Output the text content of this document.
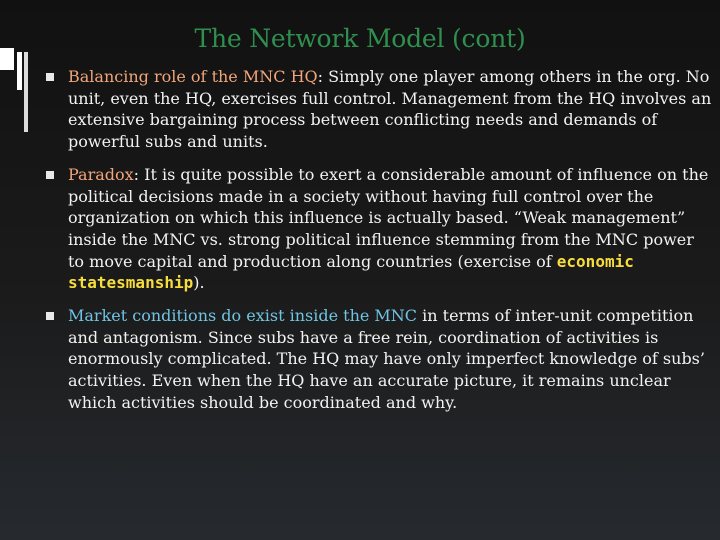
The Network Model (cont)
Balancing role of the MNC HQ: Simply one player among others in the org. No unit, even the HQ, exercises full control. Management from the HQ involves an extensive bargaining process between conflicting needs and demands of powerful subs and units.
Paradox: It is quite possible to exert a considerable amount of influence on the political decisions made in a society without having full control over the organization on which this influence is actually based. “Weak management” inside the MNC vs. strong political influence stemming from the MNC power to move capital and production along countries (exercise of economic statesmanship).
Market conditions do exist inside the MNC in terms of inter-unit competition and antagonism. Since subs have a free rein, coordination of activities is enormously complicated. The HQ may have only imperfect knowledge of subs’ activities. Even when the HQ have an accurate picture, it remains unclear which activities should be coordinated and why.
